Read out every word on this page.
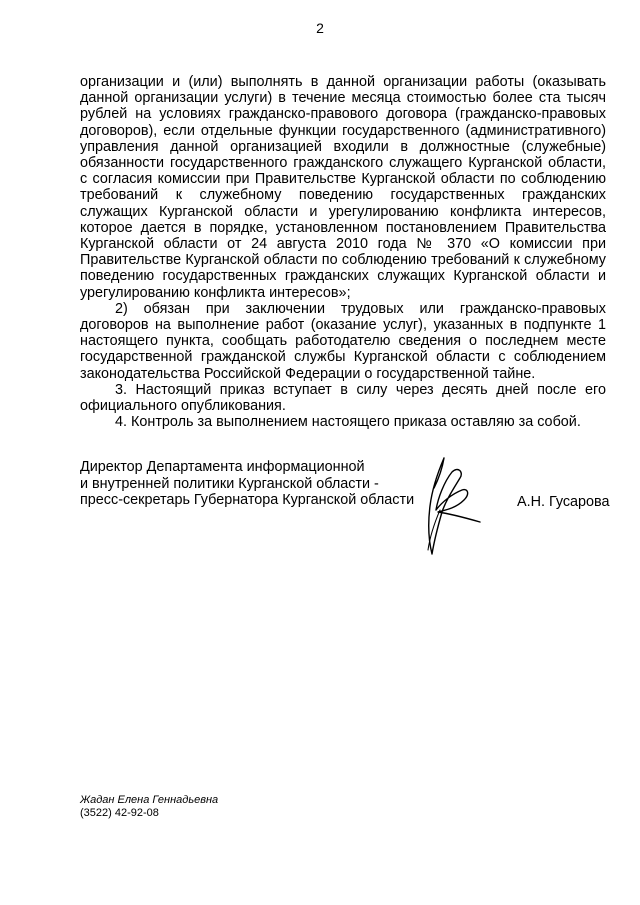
2

организации и (или) выполнять в данной организации работы (оказывать данной организации услуги) в течение месяца стоимостью более ста тысяч рублей на условиях гражданско-правового договора (гражданско-правовых договоров), если отдельные функции государственного (административного) управления данной организацией входили в должностные (служебные) обязанности государственного гражданского служащего Курганской области, с согласия комиссии при Правительстве Курганской области по соблюдению требований к служебному поведению государственных гражданских служащих Курганской области и урегулированию конфликта интересов, которое дается в порядке, установленном постановлением Правительства Курганской области от 24 августа 2010 года № 370 «О комиссии при Правительстве Курганской области по соблюдению требований к служебному поведению государственных гражданских служащих Курганской области и урегулированию конфликта интересов»;

2) обязан при заключении трудовых или гражданско-правовых договоров на выполнение работ (оказание услуг), указанных в подпункте 1 настоящего пункта, сообщать работодателю сведения о последнем месте государственной гражданской службы Курганской области с соблюдением законодательства Российской Федерации о государственной тайне.

3. Настоящий приказ вступает в силу через десять дней после его официального опубликования.

4. Контроль за выполнением настоящего приказа оставляю за собой.

Директор Департамента информационной
и внутренней политики Курганской области -
пресс-секретарь Губернатора Курганской области	А.Н. Гусарова
Жадан Елена Геннадьевна
(3522) 42-92-08
